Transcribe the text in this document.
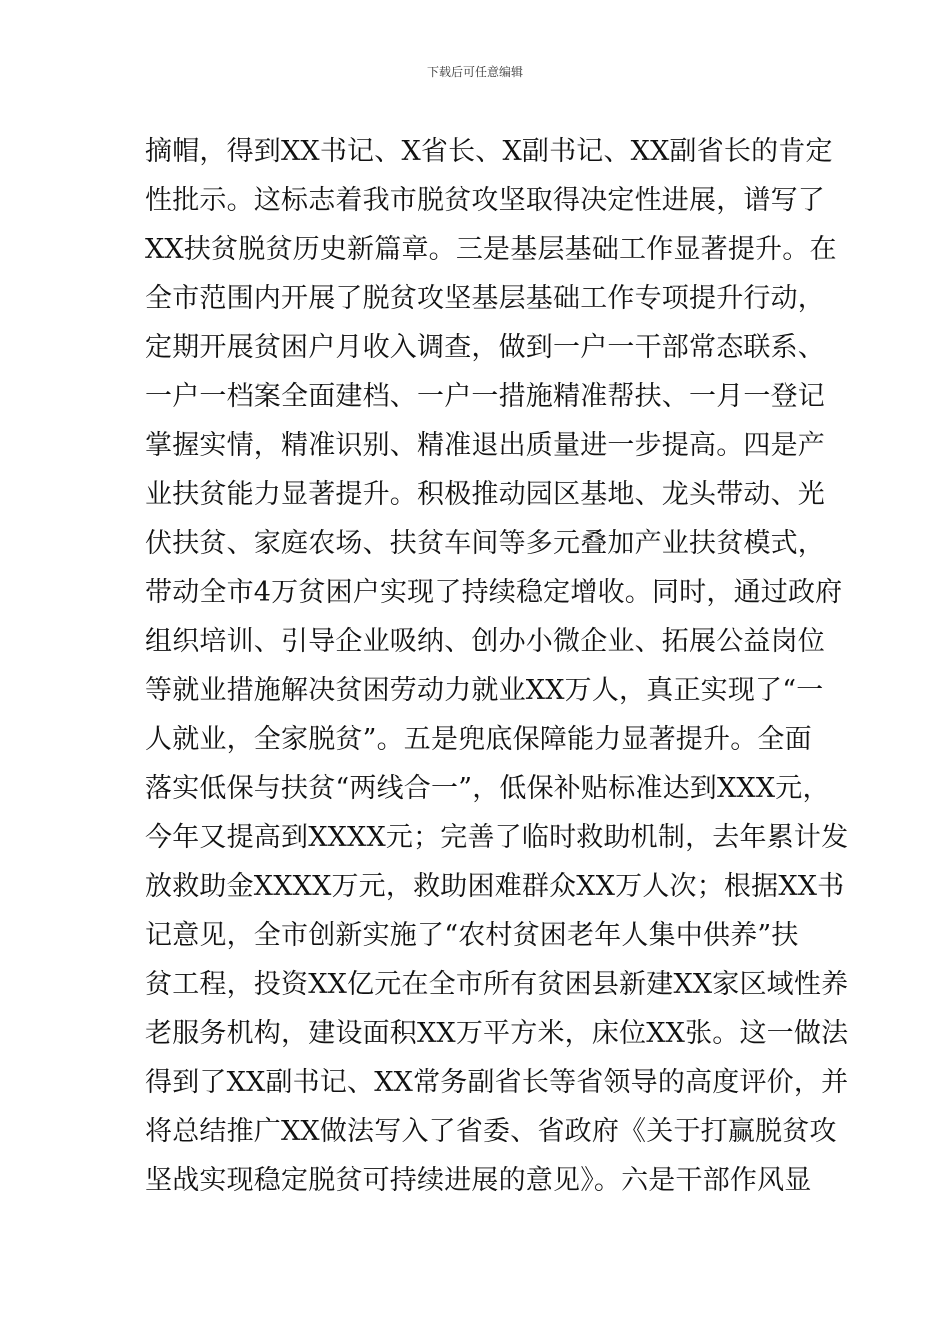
下载后可任意编辑
摘帽，得到XX书记、X省长、X副书记、XX副省长的肯定
性批示。这标志着我市脱贫攻坚取得决定性进展，谱写了
XX扶贫脱贫历史新篇章。三是基层基础工作显著提升。在
全市范围内开展了脱贫攻坚基层基础工作专项提升行动，
定期开展贫困户月收入调查，做到一户一干部常态联系、
一户一档案全面建档、一户一措施精准帮扶、一月一登记
掌握实情，精准识别、精准退出质量进一步提高。四是产
业扶贫能力显著提升。积极推动园区基地、龙头带动、光
伏扶贫、家庭农场、扶贫车间等多元叠加产业扶贫模式，
带动全市4万贫困户实现了持续稳定增收。同时，通过政府
组织培训、引导企业吸纳、创办小微企业、拓展公益岗位
等就业措施解决贫困劳动力就业XX万人，真正实现了“一
人就业，全家脱贫”。五是兜底保障能力显著提升。全面
落实低保与扶贫“两线合一”，低保补贴标准达到XXX元，
今年又提高到XXXX元；完善了临时救助机制，去年累计发
放救助金XXXX万元，救助困难群众XX万人次；根据XX书
记意见，全市创新实施了“农村贫困老年人集中供养”扶
贫工程，投资XX亿元在全市所有贫困县新建XX家区域性养
老服务机构，建设面积XX万平方米，床位XX张。这一做法
得到了XX副书记、XX常务副省长等省领导的高度评价，并
将总结推广XX做法写入了省委、省政府《关于打赢脱贫攻
坚战实现稳定脱贫可持续进展的意见》。六是干部作风显
